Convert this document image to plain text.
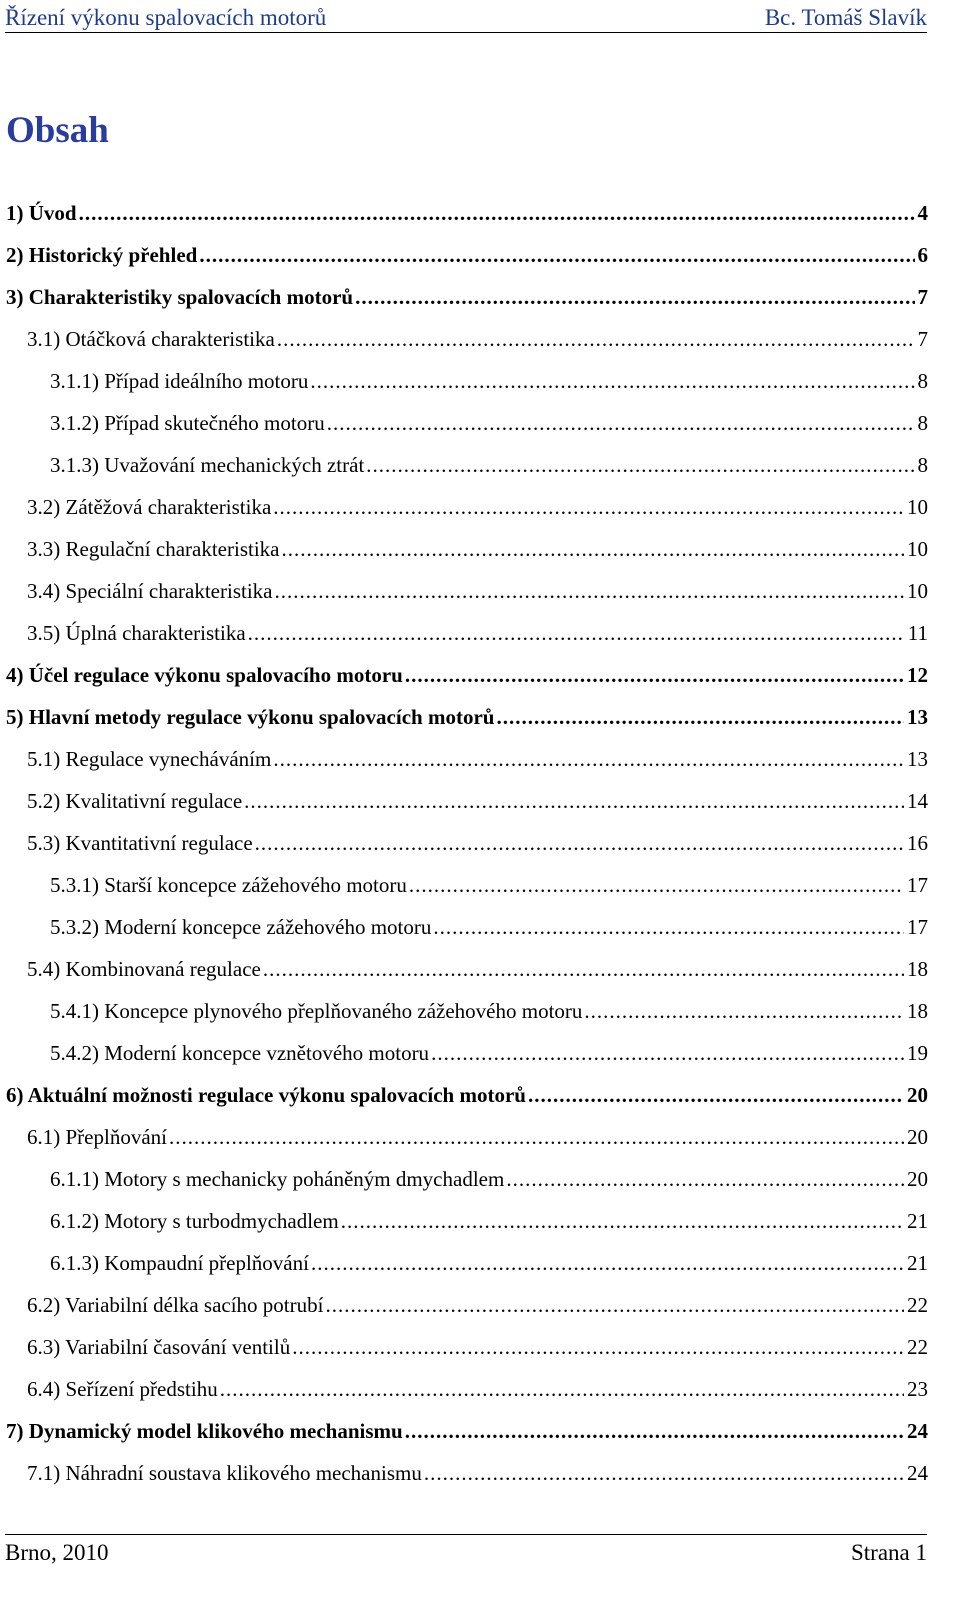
Řízení výkonu spalovacích motorů	Bc. Tomáš Slavík
Obsah
1) Úvod .....	4
2) Historický přehled .....	6
3) Charakteristiky spalovacích motorů .....	7
3.1) Otáčková charakteristika .....	7
3.1.1) Případ ideálního motoru .....	8
3.1.2) Případ skutečného motoru .....	8
3.1.3) Uvažování mechanických ztrát .....	8
3.2) Zátěžová charakteristika .....	10
3.3) Regulační charakteristika .....	10
3.4) Speciální charakteristika .....	10
3.5) Úplná charakteristika .....	11
4) Účel regulace výkonu spalovacího motoru .....	12
5) Hlavní metody regulace výkonu spalovacích motorů .....	13
5.1) Regulace vynecháváním .....	13
5.2) Kvalitativní regulace .....	14
5.3) Kvantitativní regulace .....	16
5.3.1) Starší koncepce zážehového motoru .....	17
5.3.2) Moderní koncepce zážehového motoru .....	17
5.4) Kombinovaná regulace .....	18
5.4.1) Koncepce plynového přeplňovaného zážehového motoru .....	18
5.4.2) Moderní koncepce vznětového motoru .....	19
6) Aktuální možnosti regulace výkonu spalovacích motorů .....	20
6.1) Přeplňování .....	20
6.1.1) Motory s mechanicky poháněným dmychadlem .....	20
6.1.2) Motory s turbodmychadlem .....	21
6.1.3) Kompaudní přeplňování .....	21
6.2) Variabilní délka sacího potrubí .....	22
6.3) Variabilní časování ventilů .....	22
6.4) Seřízení předstihu .....	23
7) Dynamický model klikového mechanismu .....	24
7.1) Náhradní soustava klikového mechanismu .....	24
Brno, 2010	Strana 1
